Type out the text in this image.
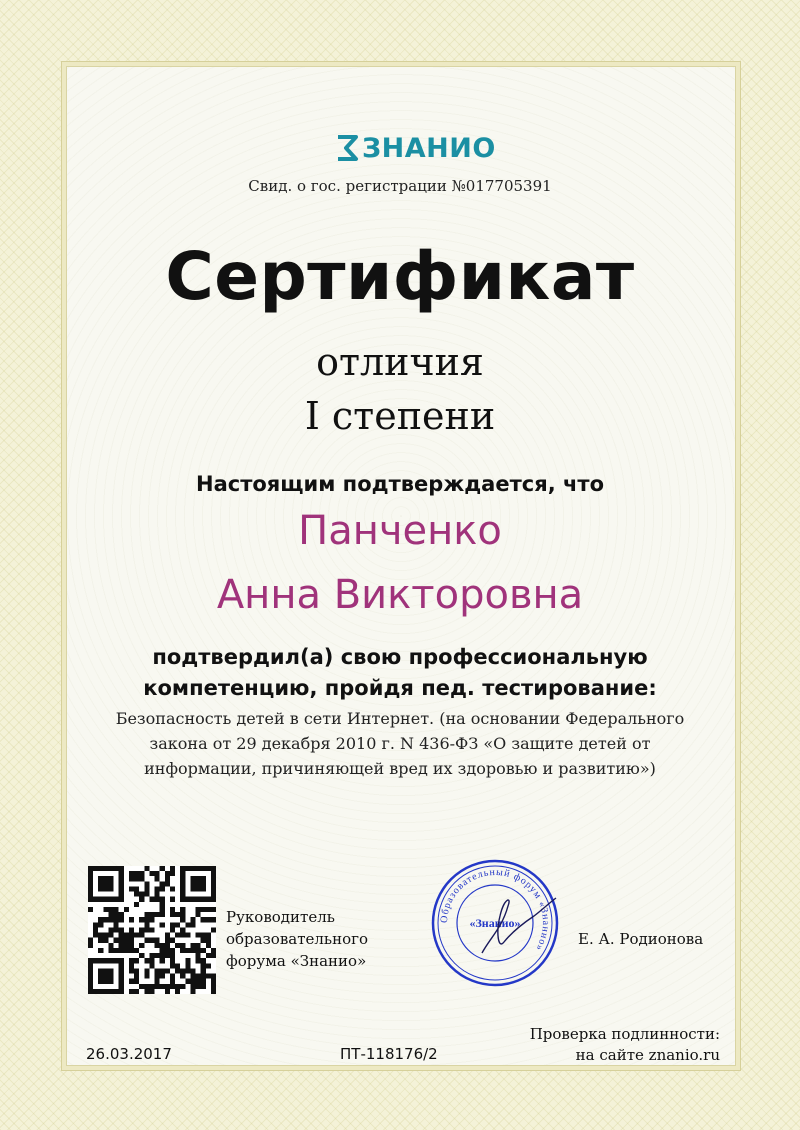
ЗНАНИО
Свид. о гос. регистрации №017705391
Сертификат
отличия
I степени
Настоящим подтверждается, что
Панченко
Анна Викторовна
подтвердил(а) свою профессиональную компетенцию, пройдя пед. тестирование:
Безопасность детей в сети Интернет. (на основании Федерального закона от 29 декабря 2010 г. N 436-ФЗ «О защите детей от информации, причиняющей вред их здоровью и развитию»)
Руководитель образовательного форума «Знанио»
Образовательный форум «Знанио»
«Знанио»
Е. А. Родионова
26.03.2017	ПТ-118176/2
Проверка подлинности: на сайте znanio.ru
